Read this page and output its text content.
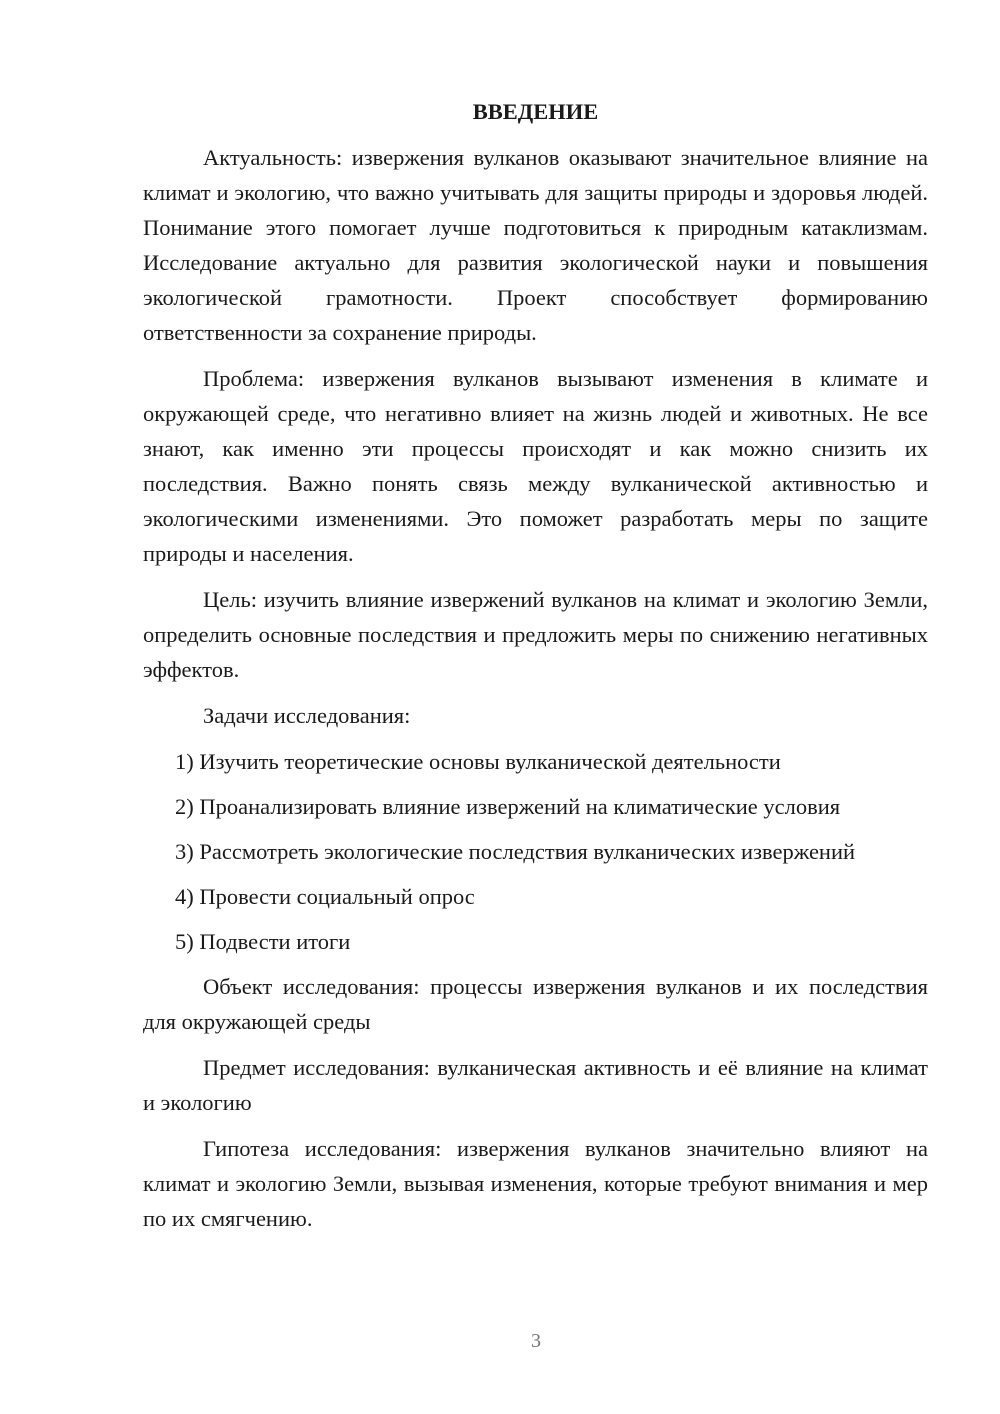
ВВЕДЕНИЕ

Актуальность: извержения вулканов оказывают значительное влияние на климат и экологию, что важно учитывать для защиты природы и здоровья людей. Понимание этого помогает лучше подготовиться к природным катаклизмам. Исследование актуально для развития экологической науки и повышения экологической грамотности. Проект способствует формированию ответственности за сохранение природы.

Проблема: извержения вулканов вызывают изменения в климате и окружающей среде, что негативно влияет на жизнь людей и животных. Не все знают, как именно эти процессы происходят и как можно снизить их последствия. Важно понять связь между вулканической активностью и экологическими изменениями. Это поможет разработать меры по защите природы и населения.

Цель: изучить влияние извержений вулканов на климат и экологию Земли, определить основные последствия и предложить меры по снижению негативных эффектов.

Задачи исследования:

1) Изучить теоретические основы вулканической деятельности

2) Проанализировать влияние извержений на климатические условия

3) Рассмотреть экологические последствия вулканических извержений

4) Провести социальный опрос

5) Подвести итоги

Объект исследования: процессы извержения вулканов и их последствия для окружающей среды

Предмет исследования: вулканическая активность и её влияние на климат и экологию

Гипотеза исследования: извержения вулканов значительно влияют на климат и экологию Земли, вызывая изменения, которые требуют внимания и мер по их смягчению.

3
